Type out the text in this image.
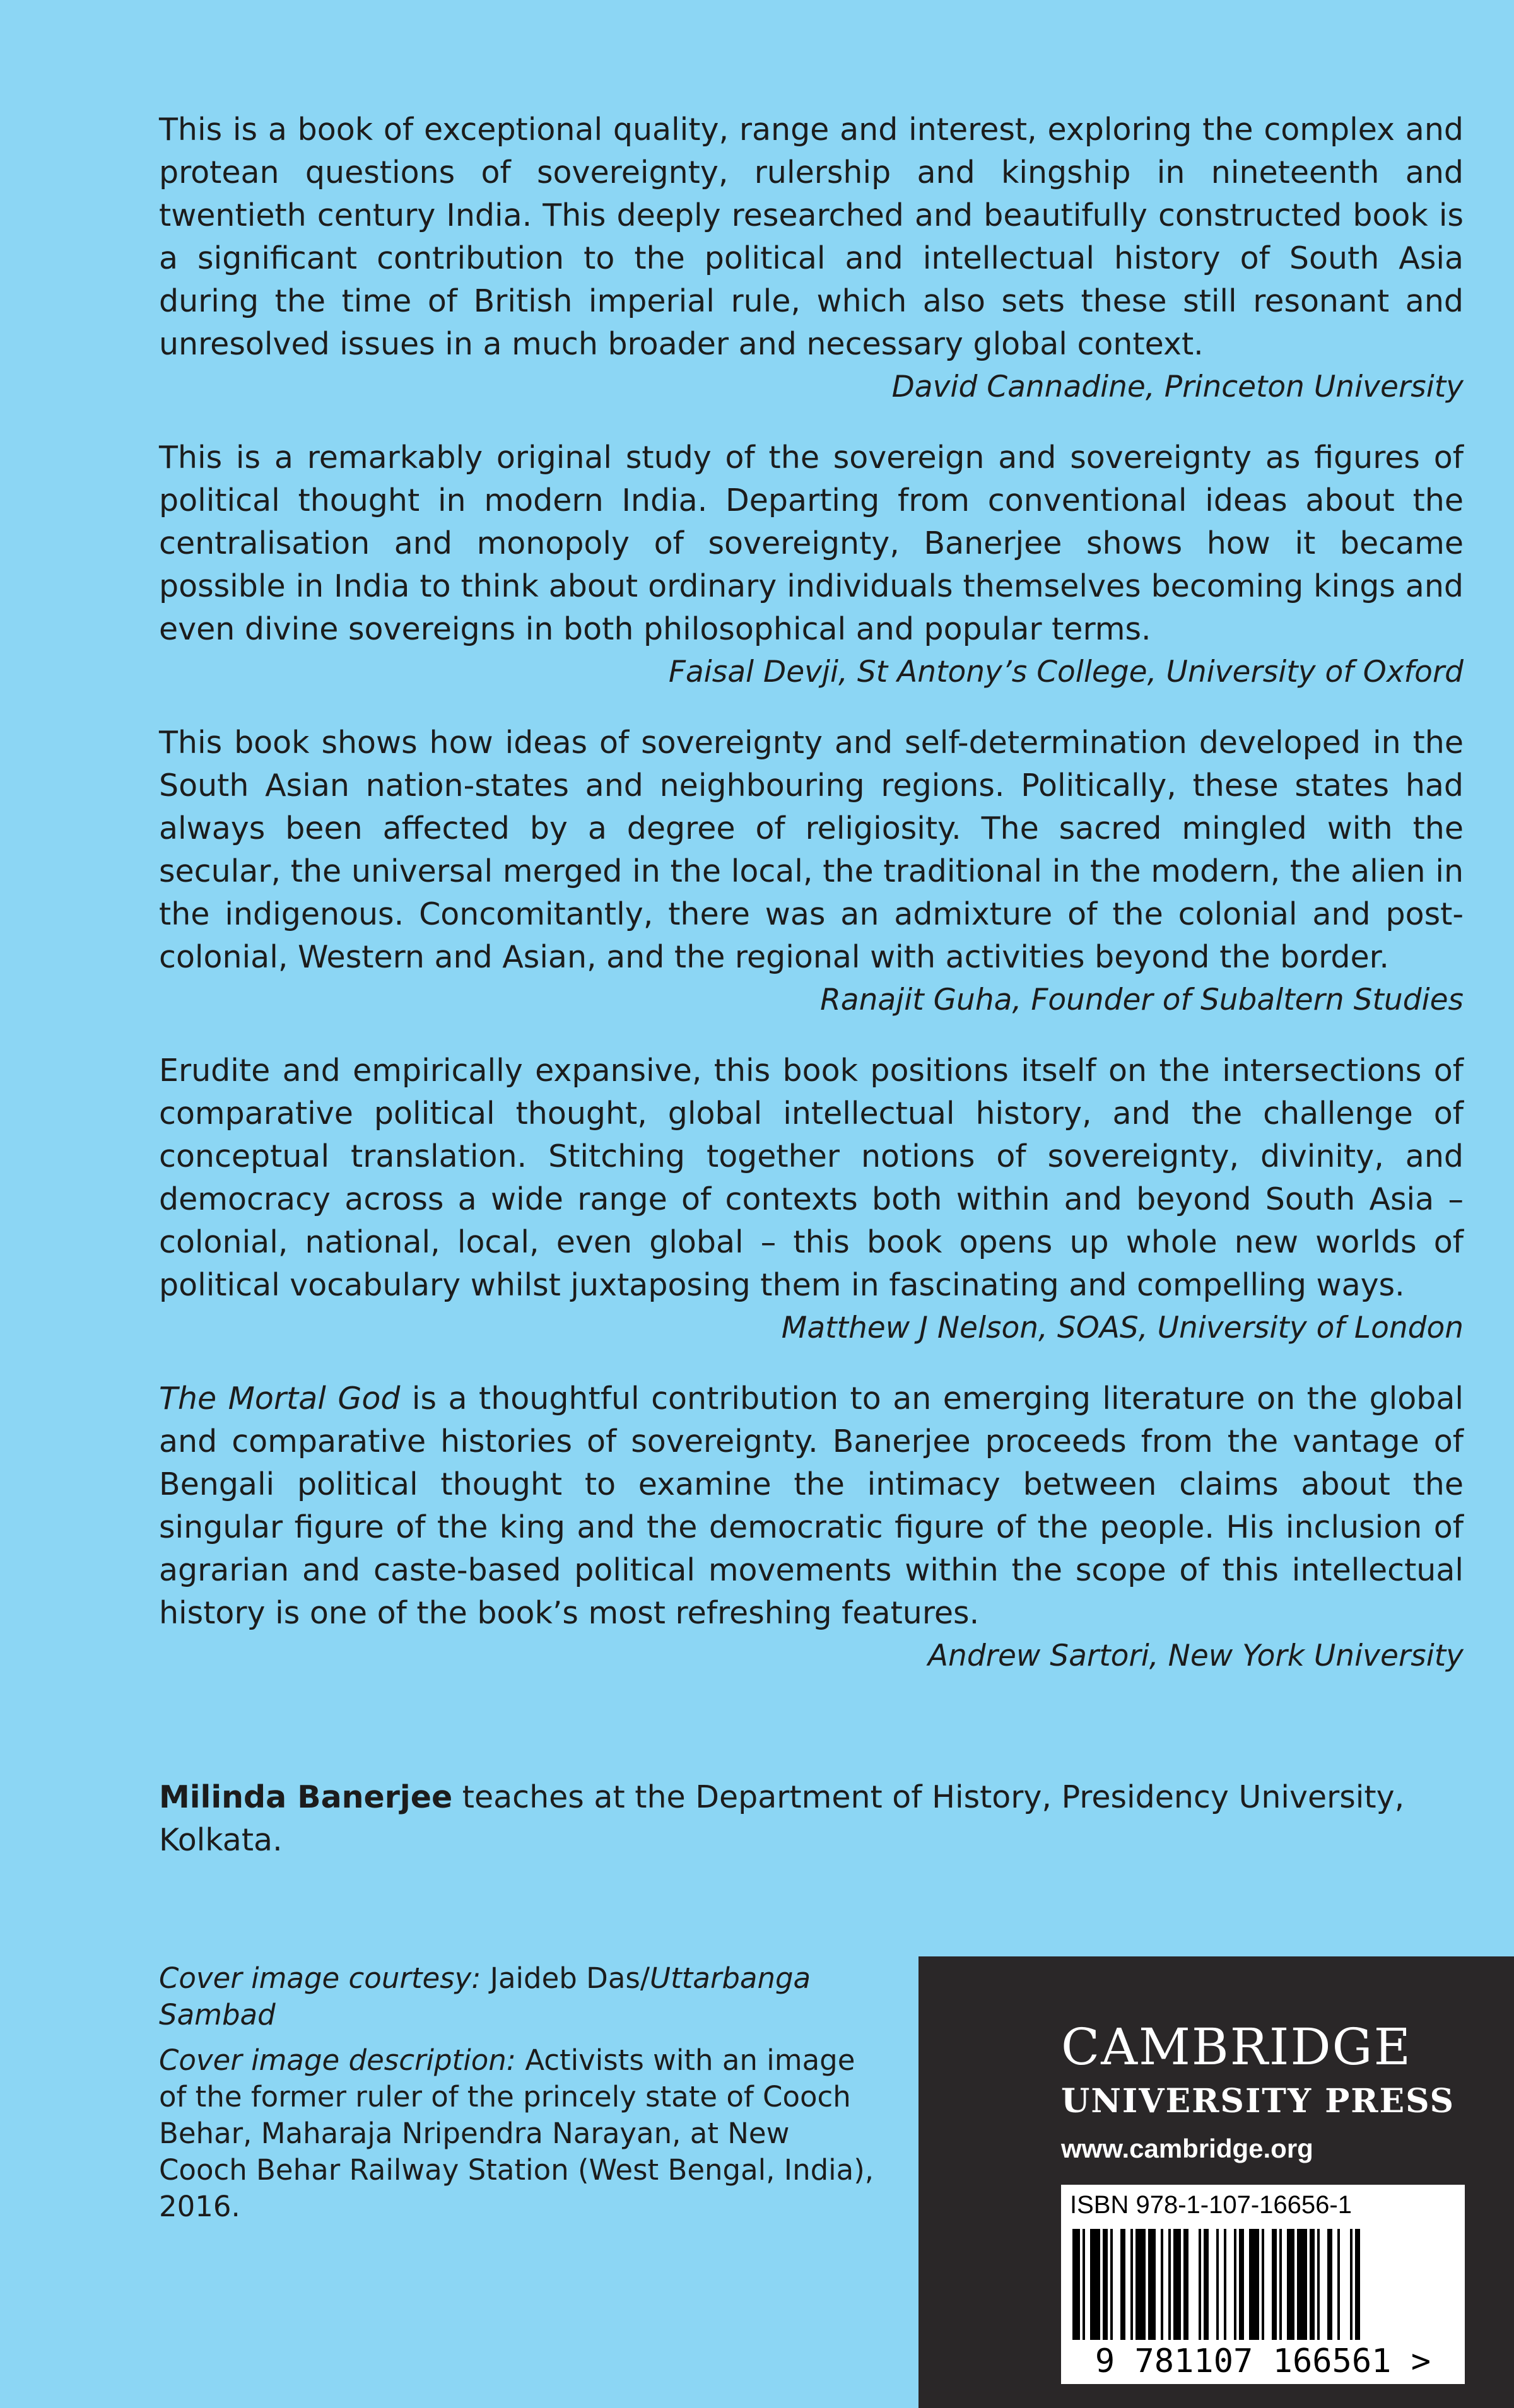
This is a book of exceptional quality, range and interest, exploring the complex and protean questions of sovereignty, rulership and kingship in nineteenth and twentieth century India. This deeply researched and beautifully constructed book is a significant contribution to the political and intellectual history of South Asia during the time of British imperial rule, which also sets these still resonant and unresolved issues in a much broader and necessary global context.

David Cannadine, Princeton University

This is a remarkably original study of the sovereign and sovereignty as figures of political thought in modern India. Departing from conventional ideas about the centralisation and monopoly of sovereignty, Banerjee shows how it became possible in India to think about ordinary individuals themselves becoming kings and even divine sovereigns in both philosophical and popular terms.

Faisal Devji, St Antony’s College, University of Oxford

This book shows how ideas of sovereignty and self-determination developed in the South Asian nation-states and neighbouring regions. Politically, these states had always been affected by a degree of religiosity. The sacred mingled with the secular, the universal merged in the local, the traditional in the modern, the alien in the indigenous. Concomitantly, there was an admixture of the colonial and post-colonial, Western and Asian, and the regional with activities beyond the border.

Ranajit Guha, Founder of Subaltern Studies

Erudite and empirically expansive, this book positions itself on the intersections of comparative political thought, global intellectual history, and the challenge of conceptual translation. Stitching together notions of sovereignty, divinity, and democracy across a wide range of contexts both within and beyond South Asia – colonial, national, local, even global – this book opens up whole new worlds of political vocabulary whilst juxtaposing them in fascinating and compelling ways.

Matthew J Nelson, SOAS, University of London

The Mortal God is a thoughtful contribution to an emerging literature on the global and comparative histories of sovereignty. Banerjee proceeds from the vantage of Bengali political thought to examine the intimacy between claims about the singular figure of the king and the democratic figure of the people. His inclusion of agrarian and caste-based political movements within the scope of this intellectual history is one of the book’s most refreshing features.

Andrew Sartori, New York University

Milinda Banerjee teaches at the Department of History, Presidency University, Kolkata.

Cover image courtesy: Jaideb Das/Uttarbanga Sambad

Cover image description: Activists with an image of the former ruler of the princely state of Cooch Behar, Maharaja Nripendra Narayan, at New Cooch Behar Railway Station (West Bengal, India), 2016.

CAMBRIDGE

UNIVERSITY PRESS

www.cambridge.org

ISBN 978-1-107-16656-1

9 781107 166561 >
